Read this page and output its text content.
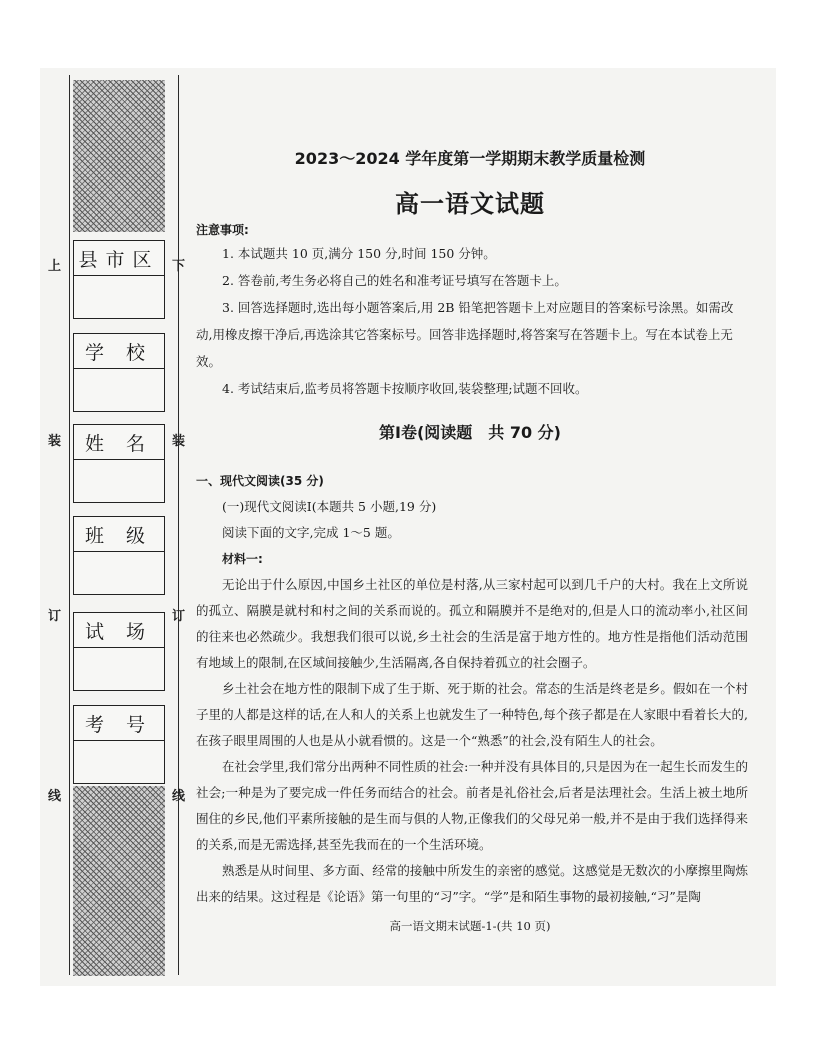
上	下
装	装
订	订
线	线
县市区
学 校
姓 名
班 级
试 场
考 号
2023～2024 学年度第一学期期末教学质量检测
高一语文试题

注意事项:

1. 本试题共 10 页,满分 150 分,时间 150 分钟。

2. 答卷前,考生务必将自己的姓名和准考证号填写在答题卡上。

3. 回答选择题时,选出每小题答案后,用 2B 铅笔把答题卡上对应题目的答案标号涂黑。如需改动,用橡皮擦干净后,再选涂其它答案标号。回答非选择题时,将答案写在答题卡上。写在本试卷上无效。

4. 考试结束后,监考员将答题卡按顺序收回,装袋整理;试题不回收。

第Ⅰ卷(阅读题　共 70 分)

一、现代文阅读(35 分)

(一)现代文阅读Ⅰ(本题共 5 小题,19 分)

阅读下面的文字,完成 1～5 题。

材料一:

无论出于什么原因,中国乡土社区的单位是村落,从三家村起可以到几千户的大村。我在上文所说的孤立、隔膜是就村和村之间的关系而说的。孤立和隔膜并不是绝对的,但是人口的流动率小,社区间的往来也必然疏少。我想我们很可以说,乡土社会的生活是富于地方性的。地方性是指他们活动范围有地域上的限制,在区域间接触少,生活隔离,各自保持着孤立的社会圈子。

乡土社会在地方性的限制下成了生于斯、死于斯的社会。常态的生活是终老是乡。假如在一个村子里的人都是这样的话,在人和人的关系上也就发生了一种特色,每个孩子都是在人家眼中看着长大的,在孩子眼里周围的人也是从小就看惯的。这是一个“熟悉”的社会,没有陌生人的社会。

在社会学里,我们常分出两种不同性质的社会:一种并没有具体目的,只是因为在一起生长而发生的社会;一种是为了要完成一件任务而结合的社会。前者是礼俗社会,后者是法理社会。生活上被土地所囿住的乡民,他们平素所接触的是生而与俱的人物,正像我们的父母兄弟一般,并不是由于我们选择得来的关系,而是无需选择,甚至先我而在的一个生活环境。

熟悉是从时间里、多方面、经常的接触中所发生的亲密的感觉。这感觉是无数次的小摩擦里陶炼出来的结果。这过程是《论语》第一句里的“习”字。“学”是和陌生事物的最初接触,“习”是陶

高一语文期末试题-1-(共 10 页)
